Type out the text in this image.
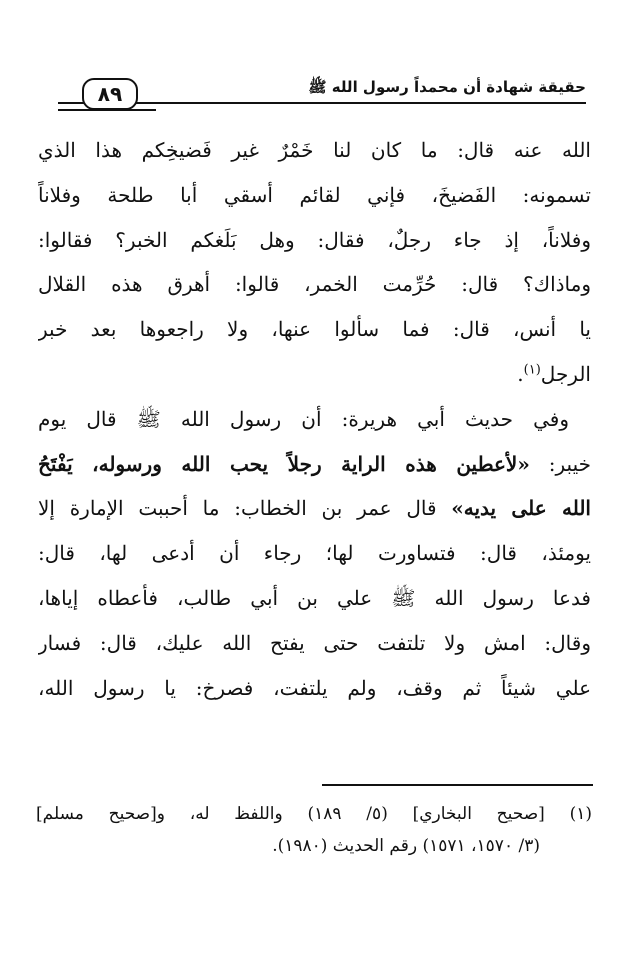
حقيقة شهادة أن محمداً رسول الله ﷺ
٨٩
الله عنه قال: ما كان لنا خَمْرٌ غير فَضيخِكم هذا الذي
تسمونه: الفَضيخَ، فإني لقائم أسقي أبا طلحة وفلاناً
وفلاناً، إذ جاء رجلٌ، فقال: وهل بَلَغكم الخبر؟ فقالوا:
وماذاك؟ قال: حُرِّمت الخمر، قالوا: أهرق هذه القلال
يا أنس، قال: فما سألوا عنها، ولا راجعوها بعد خبر
الرجل$^{(١)}$.
وفي حديث أبي هريرة: أن رسول الله ﷺ قال يوم
خيبر: «لأعطين هذه الراية رجلاً يحب الله ورسوله، يَفْتَحُ
الله على يديه» قال عمر بن الخطاب: ما أحببت الإمارة إلا
يومئذ، قال: فتساورت لها؛ رجاء أن أدعى لها، قال:
فدعا رسول الله ﷺ علي بن أبي طالب، فأعطاه إياها،
وقال: امش ولا تلتفت حتى يفتح الله عليك، قال: فسار
علي شيئاً ثم وقف، ولم يلتفت، فصرخ: يا رسول الله،
(١) [صحيح البخاري] (٥/ ١٨٩) واللفظ له، و[صحيح مسلم]
(٣/ ١٥٧٠، ١٥٧١) رقم الحديث (١٩٨٠).
